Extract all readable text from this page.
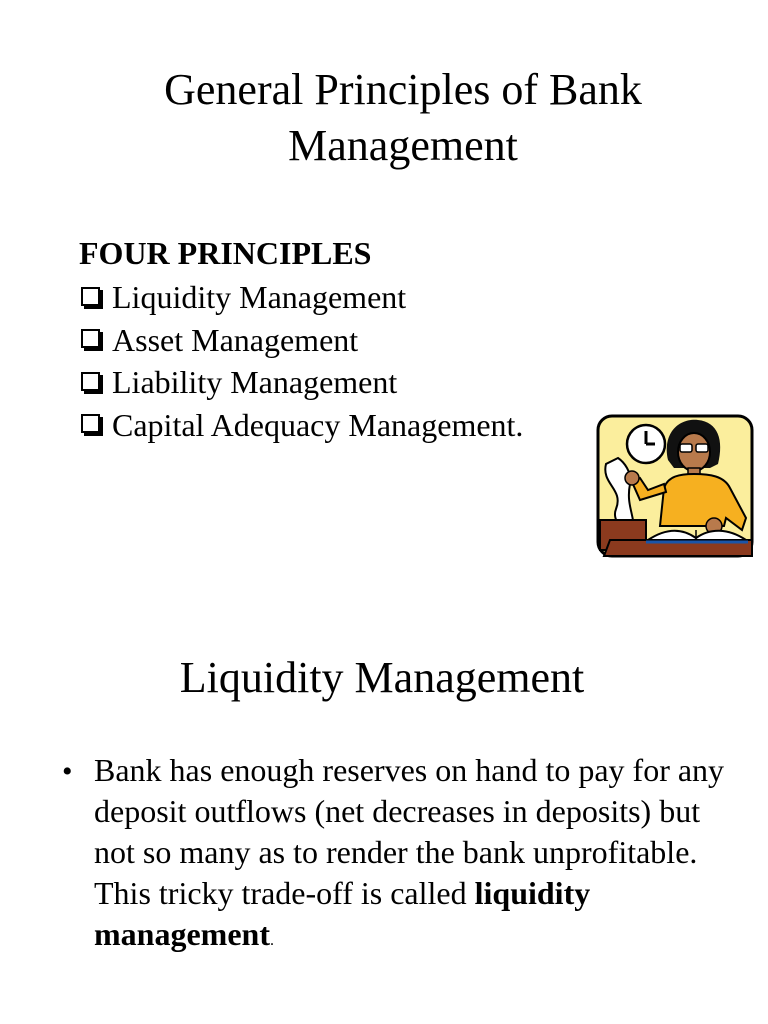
General Principles of Bank
Management
FOUR PRINCIPLES
Liquidity Management
Asset Management
Liability Management
Capital Adequacy Management.
Liquidity Management
• Bank has enough reserves on hand to pay for any deposit outflows (net decreases in deposits) but not so many as to render the bank unprofitable. This tricky trade-off is called liquidity management.
